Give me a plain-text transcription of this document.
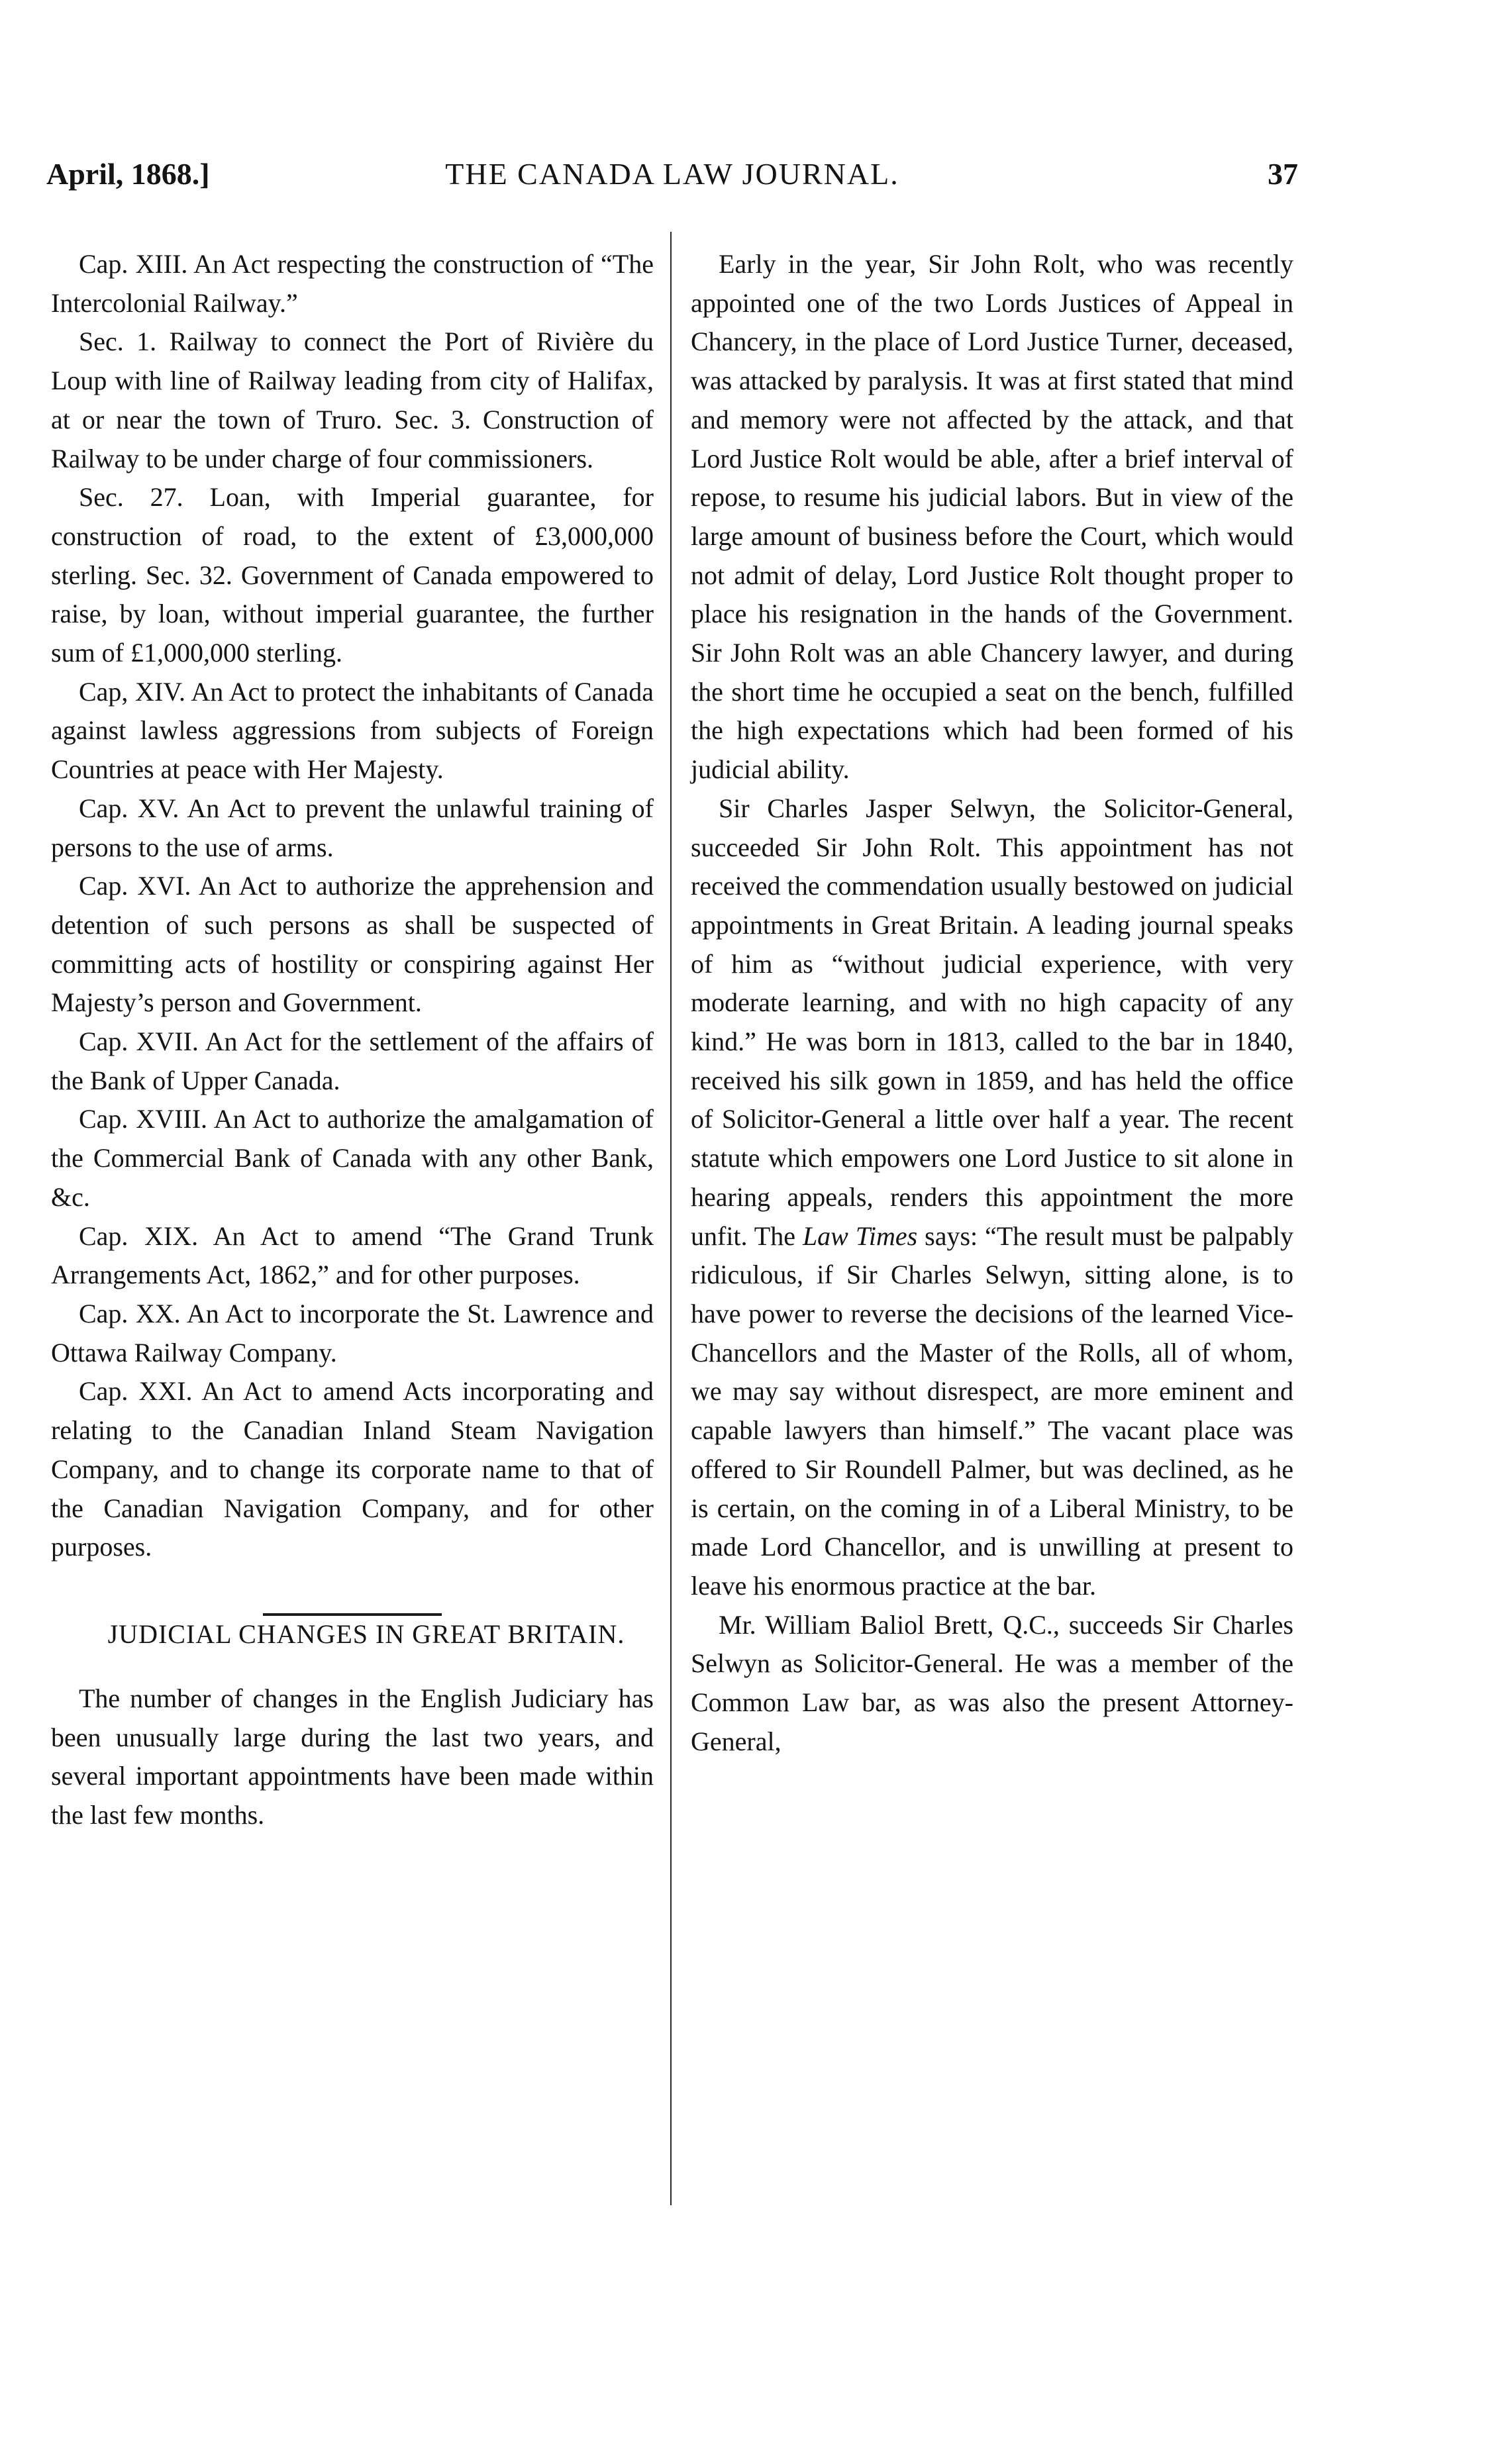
April, 1868.]	THE CANADA LAW JOURNAL.	37

Cap. XIII. An Act respecting the construction of “The Intercolonial Railway.”

Sec. 1. Railway to connect the Port of Rivière du Loup with line of Railway leading from city of Halifax, at or near the town of Truro. Sec. 3. Construction of Railway to be under charge of four commissioners.

Sec. 27. Loan, with Imperial guarantee, for construction of road, to the extent of £3,000,000 sterling. Sec. 32. Government of Canada empowered to raise, by loan, without imperial guarantee, the further sum of £1,000,000 sterling.

Cap, XIV. An Act to protect the inhabitants of Canada against lawless aggressions from subjects of Foreign Countries at peace with Her Majesty.

Cap. XV. An Act to prevent the unlawful training of persons to the use of arms.

Cap. XVI. An Act to authorize the apprehension and detention of such persons as shall be suspected of committing acts of hostility or conspiring against Her Majesty’s person and Government.

Cap. XVII. An Act for the settlement of the affairs of the Bank of Upper Canada.

Cap. XVIII. An Act to authorize the amalgamation of the Commercial Bank of Canada with any other Bank, &c.

Cap. XIX. An Act to amend “The Grand Trunk Arrangements Act, 1862,” and for other purposes.

Cap. XX. An Act to incorporate the St. Lawrence and Ottawa Railway Company.

Cap. XXI. An Act to amend Acts incorporating and relating to the Canadian Inland Steam Navigation Company, and to change its corporate name to that of the Canadian Navigation Company, and for other purposes.

JUDICIAL CHANGES IN GREAT BRITAIN.

The number of changes in the English Judiciary has been unusually large during the last two years, and several important appointments have been made within the last few months.

Early in the year, Sir John Rolt, who was recently appointed one of the two Lords Justices of Appeal in Chancery, in the place of Lord Justice Turner, deceased, was attacked by paralysis. It was at first stated that mind and memory were not affected by the attack, and that Lord Justice Rolt would be able, after a brief interval of repose, to resume his judicial labors. But in view of the large amount of business before the Court, which would not admit of delay, Lord Justice Rolt thought proper to place his resignation in the hands of the Government. Sir John Rolt was an able Chancery lawyer, and during the short time he occupied a seat on the bench, fulfilled the high expectations which had been formed of his judicial ability.

Sir Charles Jasper Selwyn, the Solicitor-General, succeeded Sir John Rolt. This appointment has not received the commendation usually bestowed on judicial appointments in Great Britain. A leading journal speaks of him as “without judicial experience, with very moderate learning, and with no high capacity of any kind.” He was born in 1813, called to the bar in 1840, received his silk gown in 1859, and has held the office of Solicitor-General a little over half a year. The recent statute which empowers one Lord Justice to sit alone in hearing appeals, renders this appointment the more unfit. The Law Times says: “The result must be palpably ridiculous, if Sir Charles Selwyn, sitting alone, is to have power to reverse the decisions of the learned Vice-Chancellors and the Master of the Rolls, all of whom, we may say without disrespect, are more eminent and capable lawyers than himself.” The vacant place was offered to Sir Roundell Palmer, but was declined, as he is certain, on the coming in of a Liberal Ministry, to be made Lord Chancellor, and is unwilling at present to leave his enormous practice at the bar.

Mr. William Baliol Brett, Q.C., succeeds Sir Charles Selwyn as Solicitor-General. He was a member of the Common Law bar, as was also the present Attorney-General,
